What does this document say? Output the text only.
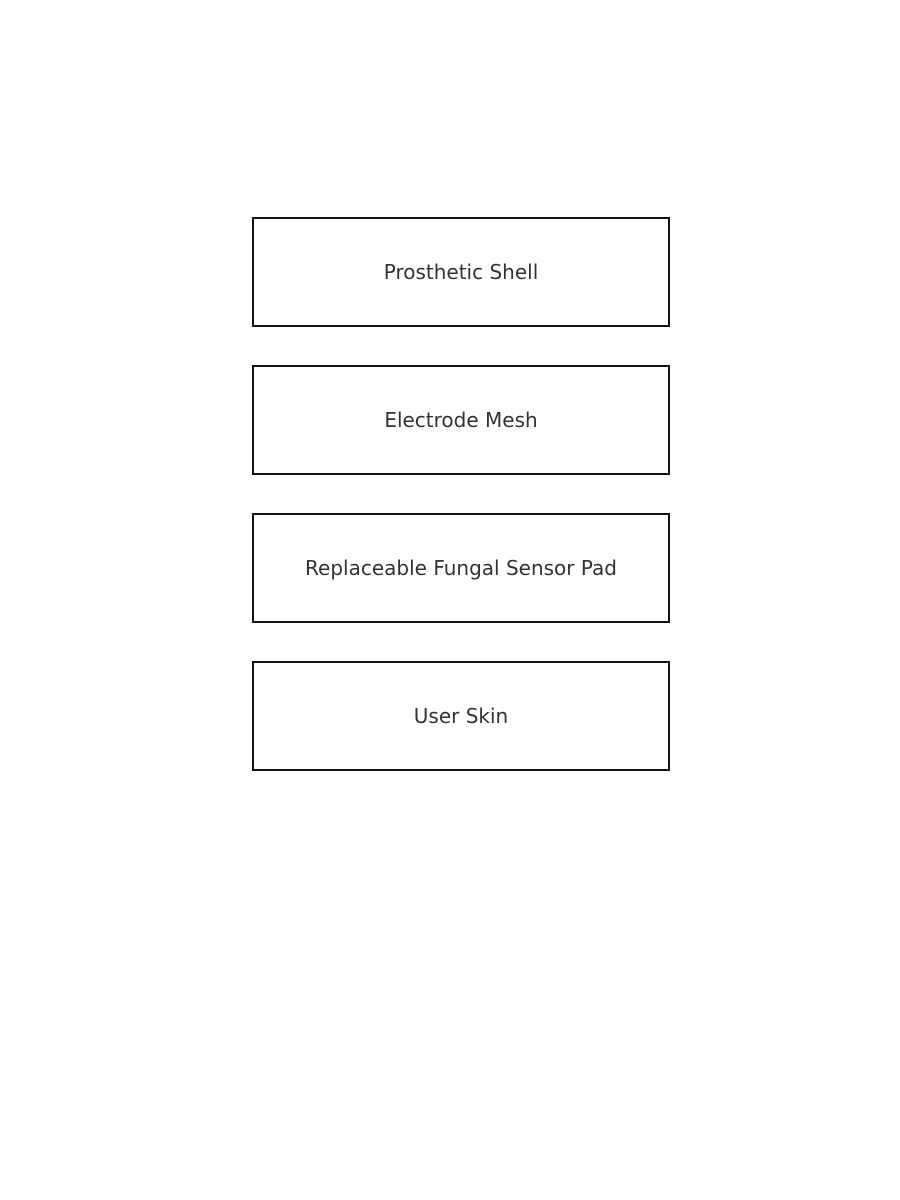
Prosthetic Shell
Electrode Mesh
Replaceable Fungal Sensor Pad
User Skin
